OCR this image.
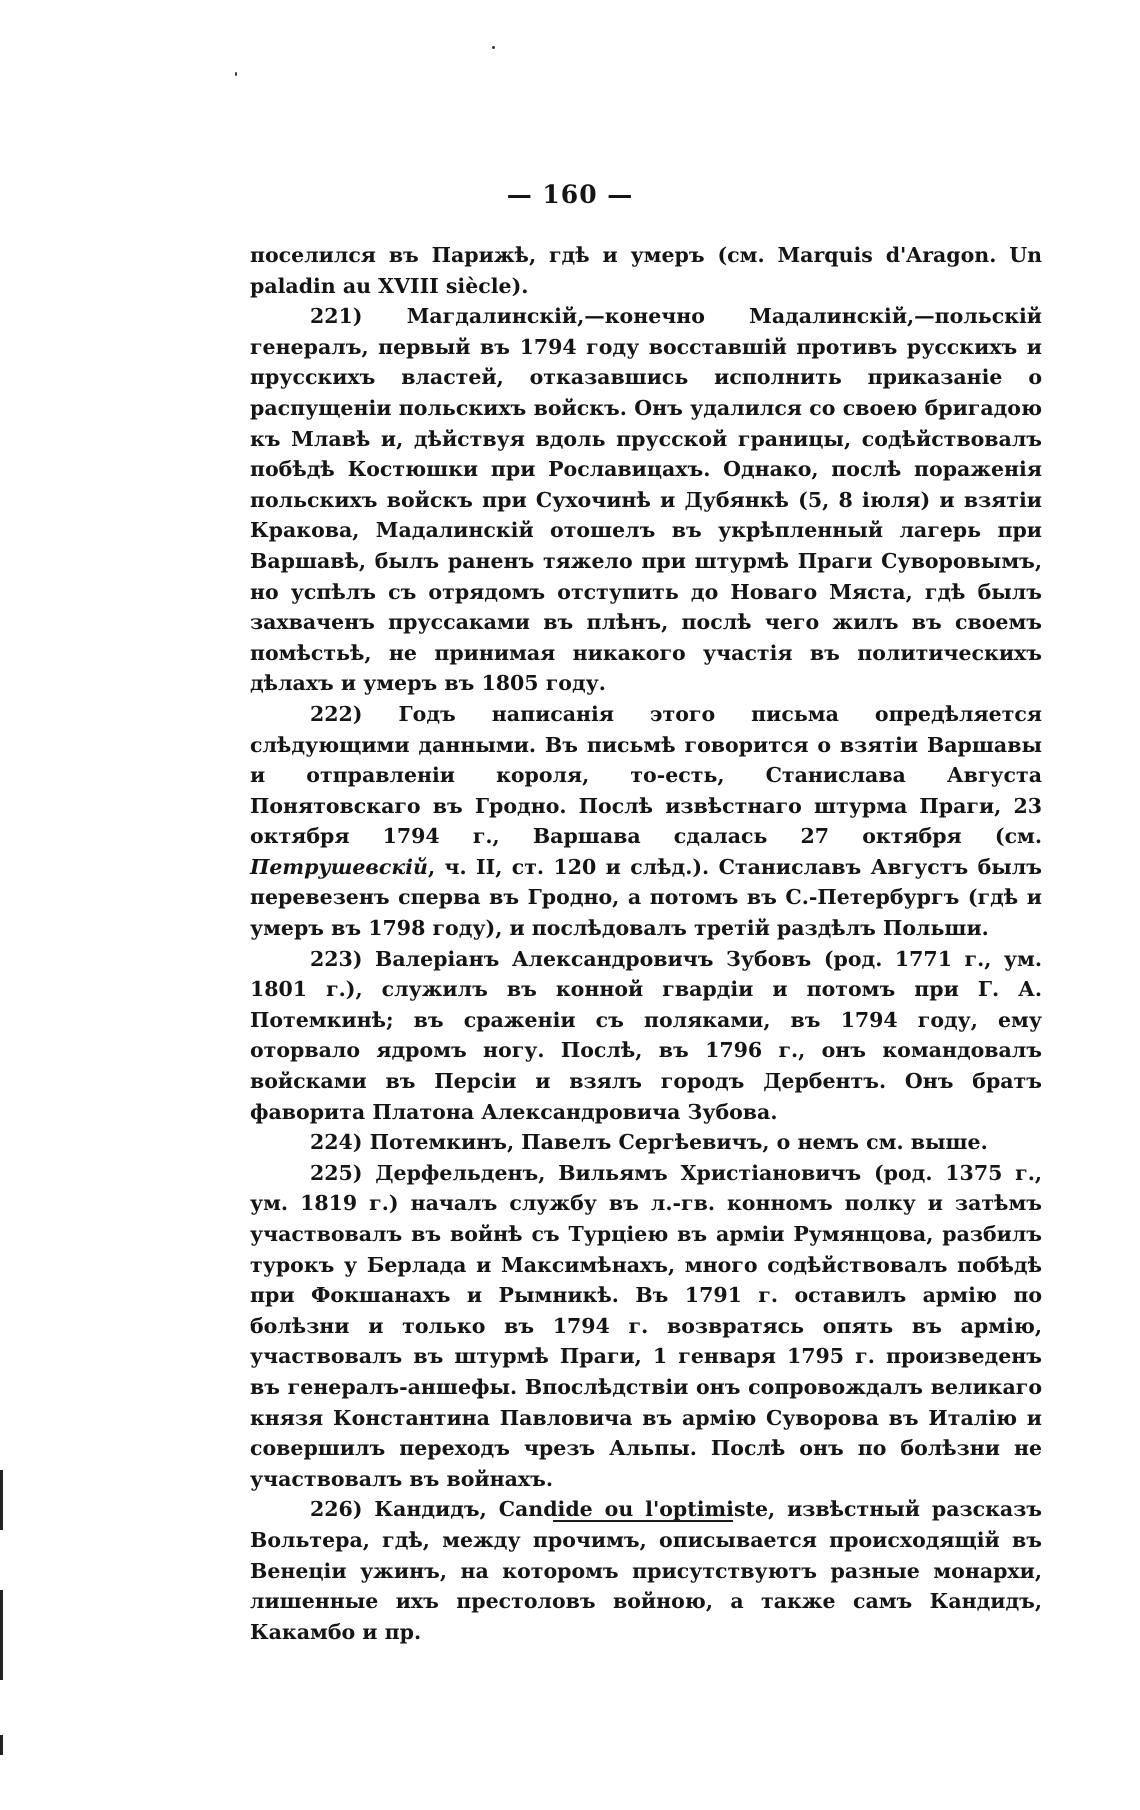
— 160 —

поселился въ Парижѣ, гдѣ и умеръ (см. Marquis d'Aragon. Un paladin au XVIII siècle).

221) Магдалинскій,—конечно Мадалинскій,—польскій генералъ, первый въ 1794 году восставшій противъ русскихъ и прусскихъ властей, отказавшись исполнить приказаніе о распущеніи польскихъ войскъ. Онъ удалился со своею бригадою къ Млавѣ и, дѣйствуя вдоль прусской границы, содѣйствовалъ побѣдѣ Костюшки при Рославицахъ. Однако, послѣ пораженія польскихъ войскъ при Сухочинѣ и Дубянкѣ (5, 8 іюля) и взятіи Кракова, Мадалинскій отошелъ въ укрѣпленный лагерь при Варшавѣ, былъ раненъ тяжело при штурмѣ Праги Суворовымъ, но успѣлъ съ отрядомъ отступить до Новаго Мяста, гдѣ былъ захваченъ пруссаками въ плѣнъ, послѣ чего жилъ въ своемъ помѣстьѣ, не принимая никакого участія въ политическихъ дѣлахъ и умеръ въ 1805 году.

222) Годъ написанія этого письма опредѣляется слѣдующими данными. Въ письмѣ говорится о взятіи Варшавы и отправленіи короля, то-есть, Станислава Августа Понятовскаго въ Гродно. Послѣ извѣстнаго штурма Праги, 23 октября 1794 г., Варшава сдалась 27 октября (см. Петрушевскій, ч. II, ст. 120 и слѣд.). Станиславъ Августъ былъ перевезенъ сперва въ Гродно, а потомъ въ С.-Петербургъ (гдѣ и умеръ въ 1798 году), и послѣдовалъ третій раздѣлъ Польши.

223) Валеріанъ Александровичъ Зубовъ (род. 1771 г., ум. 1801 г.), служилъ въ конной гвардіи и потомъ при Г. А. Потемкинѣ; въ сраженіи съ поляками, въ 1794 году, ему оторвало ядромъ ногу. Послѣ, въ 1796 г., онъ командовалъ войсками въ Персіи и взялъ городъ Дербентъ. Онъ братъ фаворита Платона Александровича Зубова.

224) Потемкинъ, Павелъ Сергѣевичъ, о немъ см. выше.

225) Дерфельденъ, Вильямъ Христіановичъ (род. 1375 г., ум. 1819 г.) началъ службу въ л.-гв. конномъ полку и затѣмъ участвовалъ въ войнѣ съ Турціею въ арміи Румянцова, разбилъ турокъ у Берлада и Максимѣнахъ, много содѣйствовалъ побѣдѣ при Фокшанахъ и Рымникѣ. Въ 1791 г. оставилъ армію по болѣзни и только въ 1794 г. возвратясь опять въ армію, участвовалъ въ штурмѣ Праги, 1 генваря 1795 г. произведенъ въ генералъ-аншефы. Впослѣдствіи онъ сопровождалъ великаго князя Константина Павловича въ армію Суворова въ Италію и совершилъ переходъ чрезъ Альпы. Послѣ онъ по болѣзни не участвовалъ въ войнахъ.

226) Кандидъ, Candide ou l'optimiste, извѣстный разсказъ Вольтера, гдѣ, между прочимъ, описывается происходящій въ Венеціи ужинъ, на которомъ присутствуютъ разные монархи, лишенные ихъ престоловъ войною, а также самъ Кандидъ, Какамбо и пр.
